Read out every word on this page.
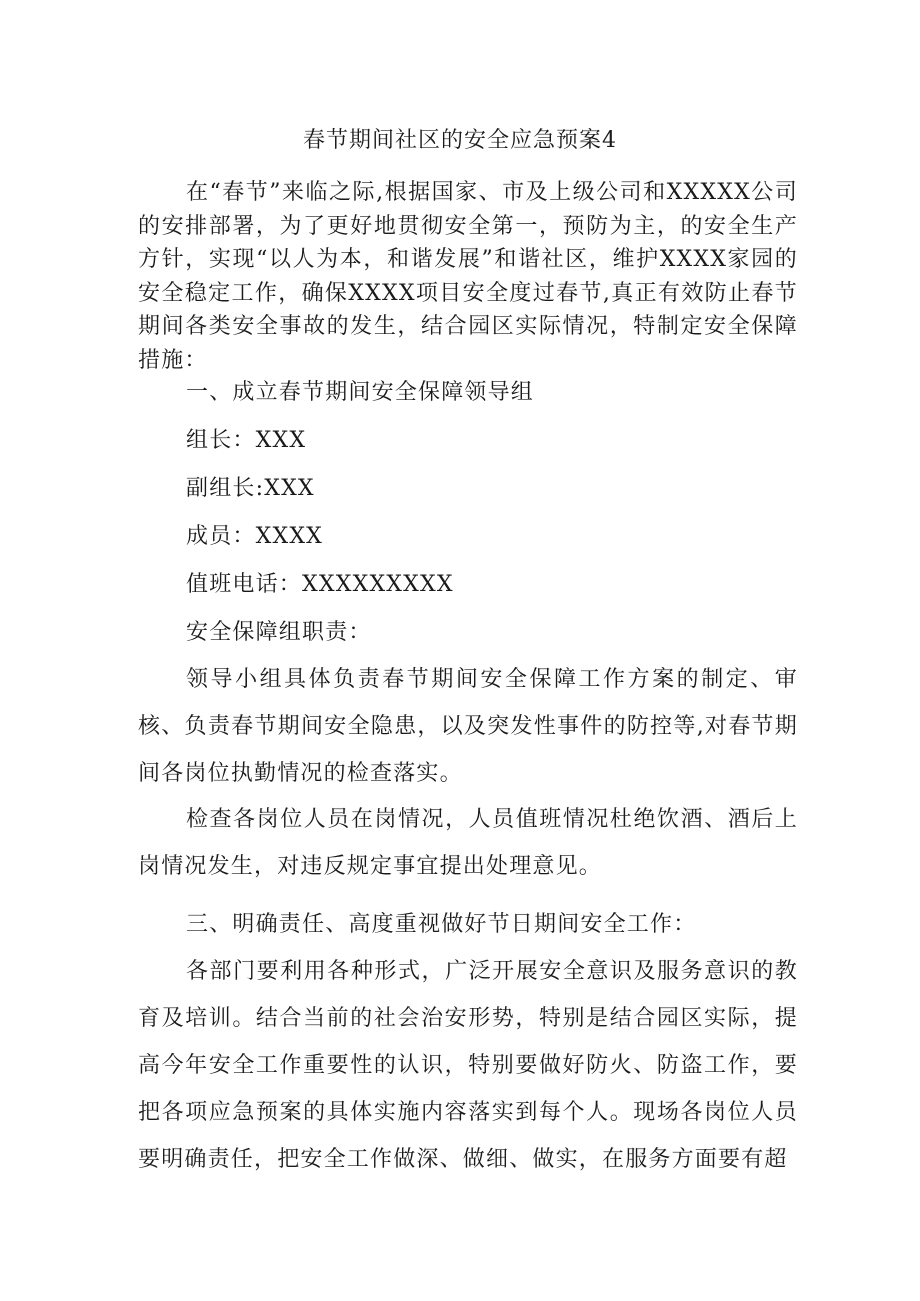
春节期间社区的安全应急预案4

在“春节”来临之际,根据国家、市及上级公司和XXXXX公司的安排部署，为了更好地贯彻安全第一，预防为主，的安全生产方针，实现“以人为本，和谐发展”和谐社区，维护XXXX家园的安全稳定工作，确保XXXX项目安全度过春节,真正有效防止春节期间各类安全事故的发生，结合园区实际情况，特制定安全保障措施：

一、成立春节期间安全保障领导组
组长：XXX
副组长:XXX
成员：XXXX
值班电话：XXXXXXXXX
安全保障组职责：

领导小组具体负责春节期间安全保障工作方案的制定、审核、负责春节期间安全隐患，以及突发性事件的防控等,对春节期间各岗位执勤情况的检查落实。

检查各岗位人员在岗情况，人员值班情况杜绝饮酒、酒后上岗情况发生，对违反规定事宜提出处理意见。

三、明确责任、高度重视做好节日期间安全工作：

各部门要利用各种形式，广泛开展安全意识及服务意识的教育及培训。结合当前的社会治安形势，特别是结合园区实际，提高今年安全工作重要性的认识，特别要做好防火、防盗工作，要把各项应急预案的具体实施内容落实到每个人。现场各岗位人员要明确责任，把安全工作做深、做细、做实，在服务方面要有超
